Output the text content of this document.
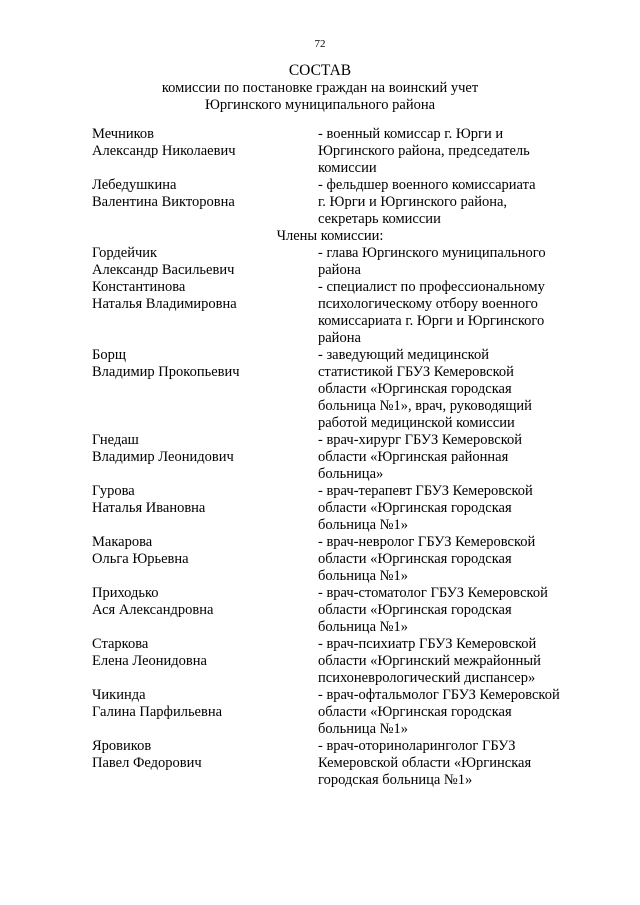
72
СОСТАВ
комиссии по постановке граждан на воинский учет
Юргинского муниципального района
Мечников
Александр Николаевич
- военный комиссар г. Юрги и
Юргинского района, председатель
комиссии
Лебедушкина
Валентина Викторовна
- фельдшер военного комиссариата
г. Юрги и Юргинского района,
секретарь комиссии
Члены комиссии:
Гордейчик
Александр Васильевич
- глава Юргинского муниципального
района
Константинова
Наталья Владимировна
- специалист по профессиональному
психологическому отбору военного
комиссариата г. Юрги и Юргинского
района
Борщ
Владимир Прокопьевич
- заведующий медицинской
статистикой ГБУЗ Кемеровской
области «Юргинская городская
больница №1», врач, руководящий
работой медицинской комиссии
Гнедаш
Владимир Леонидович
- врач-хирург ГБУЗ Кемеровской
области «Юргинская районная
больница»
Гурова
Наталья Ивановна
- врач-терапевт ГБУЗ Кемеровской
области «Юргинская городская
больница №1»
Макарова
Ольга Юрьевна
- врач-невролог ГБУЗ Кемеровской
области «Юргинская городская
больница №1»
Приходько
Ася Александровна
- врач-стоматолог ГБУЗ Кемеровской
области «Юргинская городская
больница №1»
Старкова
Елена Леонидовна
- врач-психиатр ГБУЗ Кемеровской
области «Юргинский межрайонный
психоневрологический диспансер»
Чикинда
Галина Парфильевна
- врач-офтальмолог ГБУЗ Кемеровской
области «Юргинская городская
больница №1»
Яровиков
Павел Федорович
- врач-оториноларинголог ГБУЗ
Кемеровской области «Юргинская
городская больница №1»
